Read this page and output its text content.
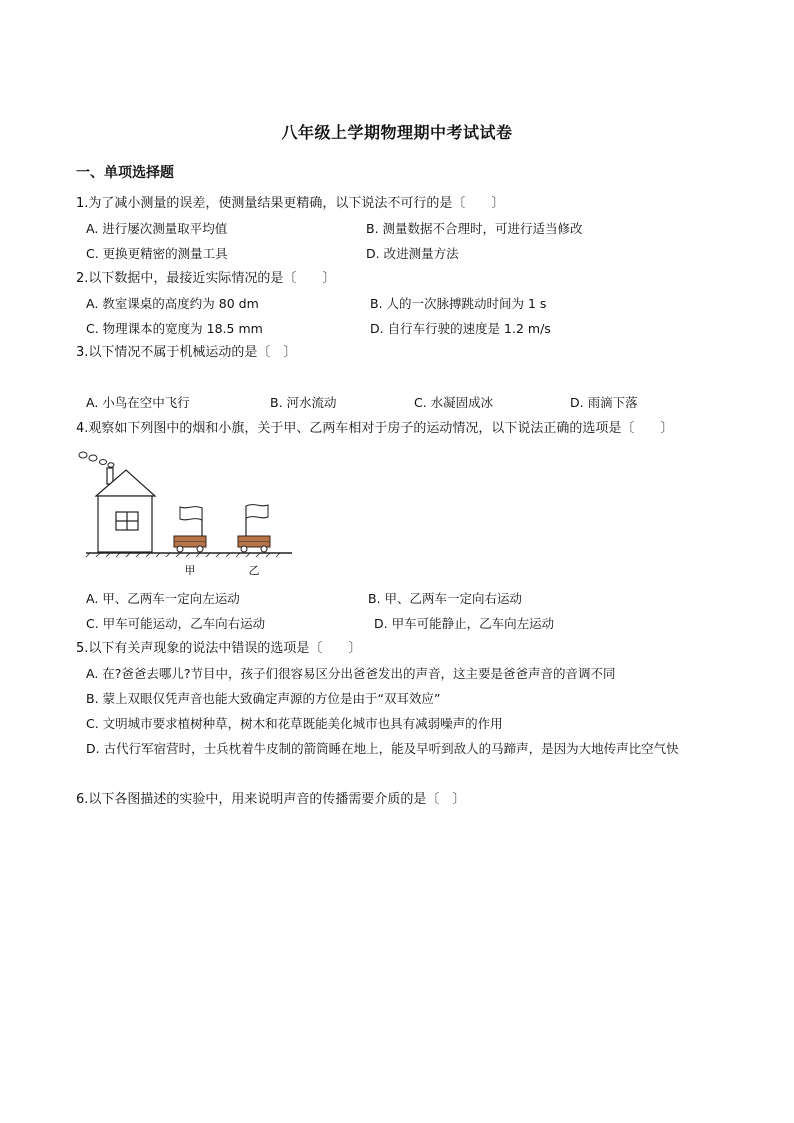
八年级上学期物理期中考试试卷
一、单项选择题
1.为了减小测量的误差，使测量结果更精确，以下说法不可行的是〔　　〕
A. 进行屡次测量取平均值	B. 测量数据不合理时，可进行适当修改
C. 更换更精密的测量工具	D. 改进测量方法
2.以下数据中，最接近实际情况的是〔　　〕
A. 教室课桌的高度约为 80 dm	B. 人的一次脉搏跳动时间为 1 s
C. 物理课本的宽度为 18.5 mm	D. 自行车行驶的速度是 1.2 m/s
3.以下情况不属于机械运动的是〔　〕
A. 小鸟在空中飞行	B. 河水流动	C. 水凝固成冰	D. 雨滴下落
4.观察如下列图中的烟和小旗，关于甲、乙两车相对于房子的运动情况，以下说法正确的选项是〔　　〕
甲	乙
A. 甲、乙两车一定向左运动	B. 甲、乙两车一定向右运动
C. 甲车可能运动，乙车向右运动	D. 甲车可能静止，乙车向左运动
5.以下有关声现象的说法中错误的选项是〔　　〕
A. 在?爸爸去哪儿?节目中，孩子们很容易区分出爸爸发出的声音，这主要是爸爸声音的音调不同
B. 蒙上双眼仅凭声音也能大致确定声源的方位是由于“双耳效应”
C. 文明城市要求植树种草，树木和花草既能美化城市也具有减弱噪声的作用
D. 古代行军宿营时，士兵枕着牛皮制的箭筒睡在地上，能及早听到敌人的马蹄声，是因为大地传声比空气快
6.以下各图描述的实验中，用来说明声音的传播需要介质的是〔　〕
